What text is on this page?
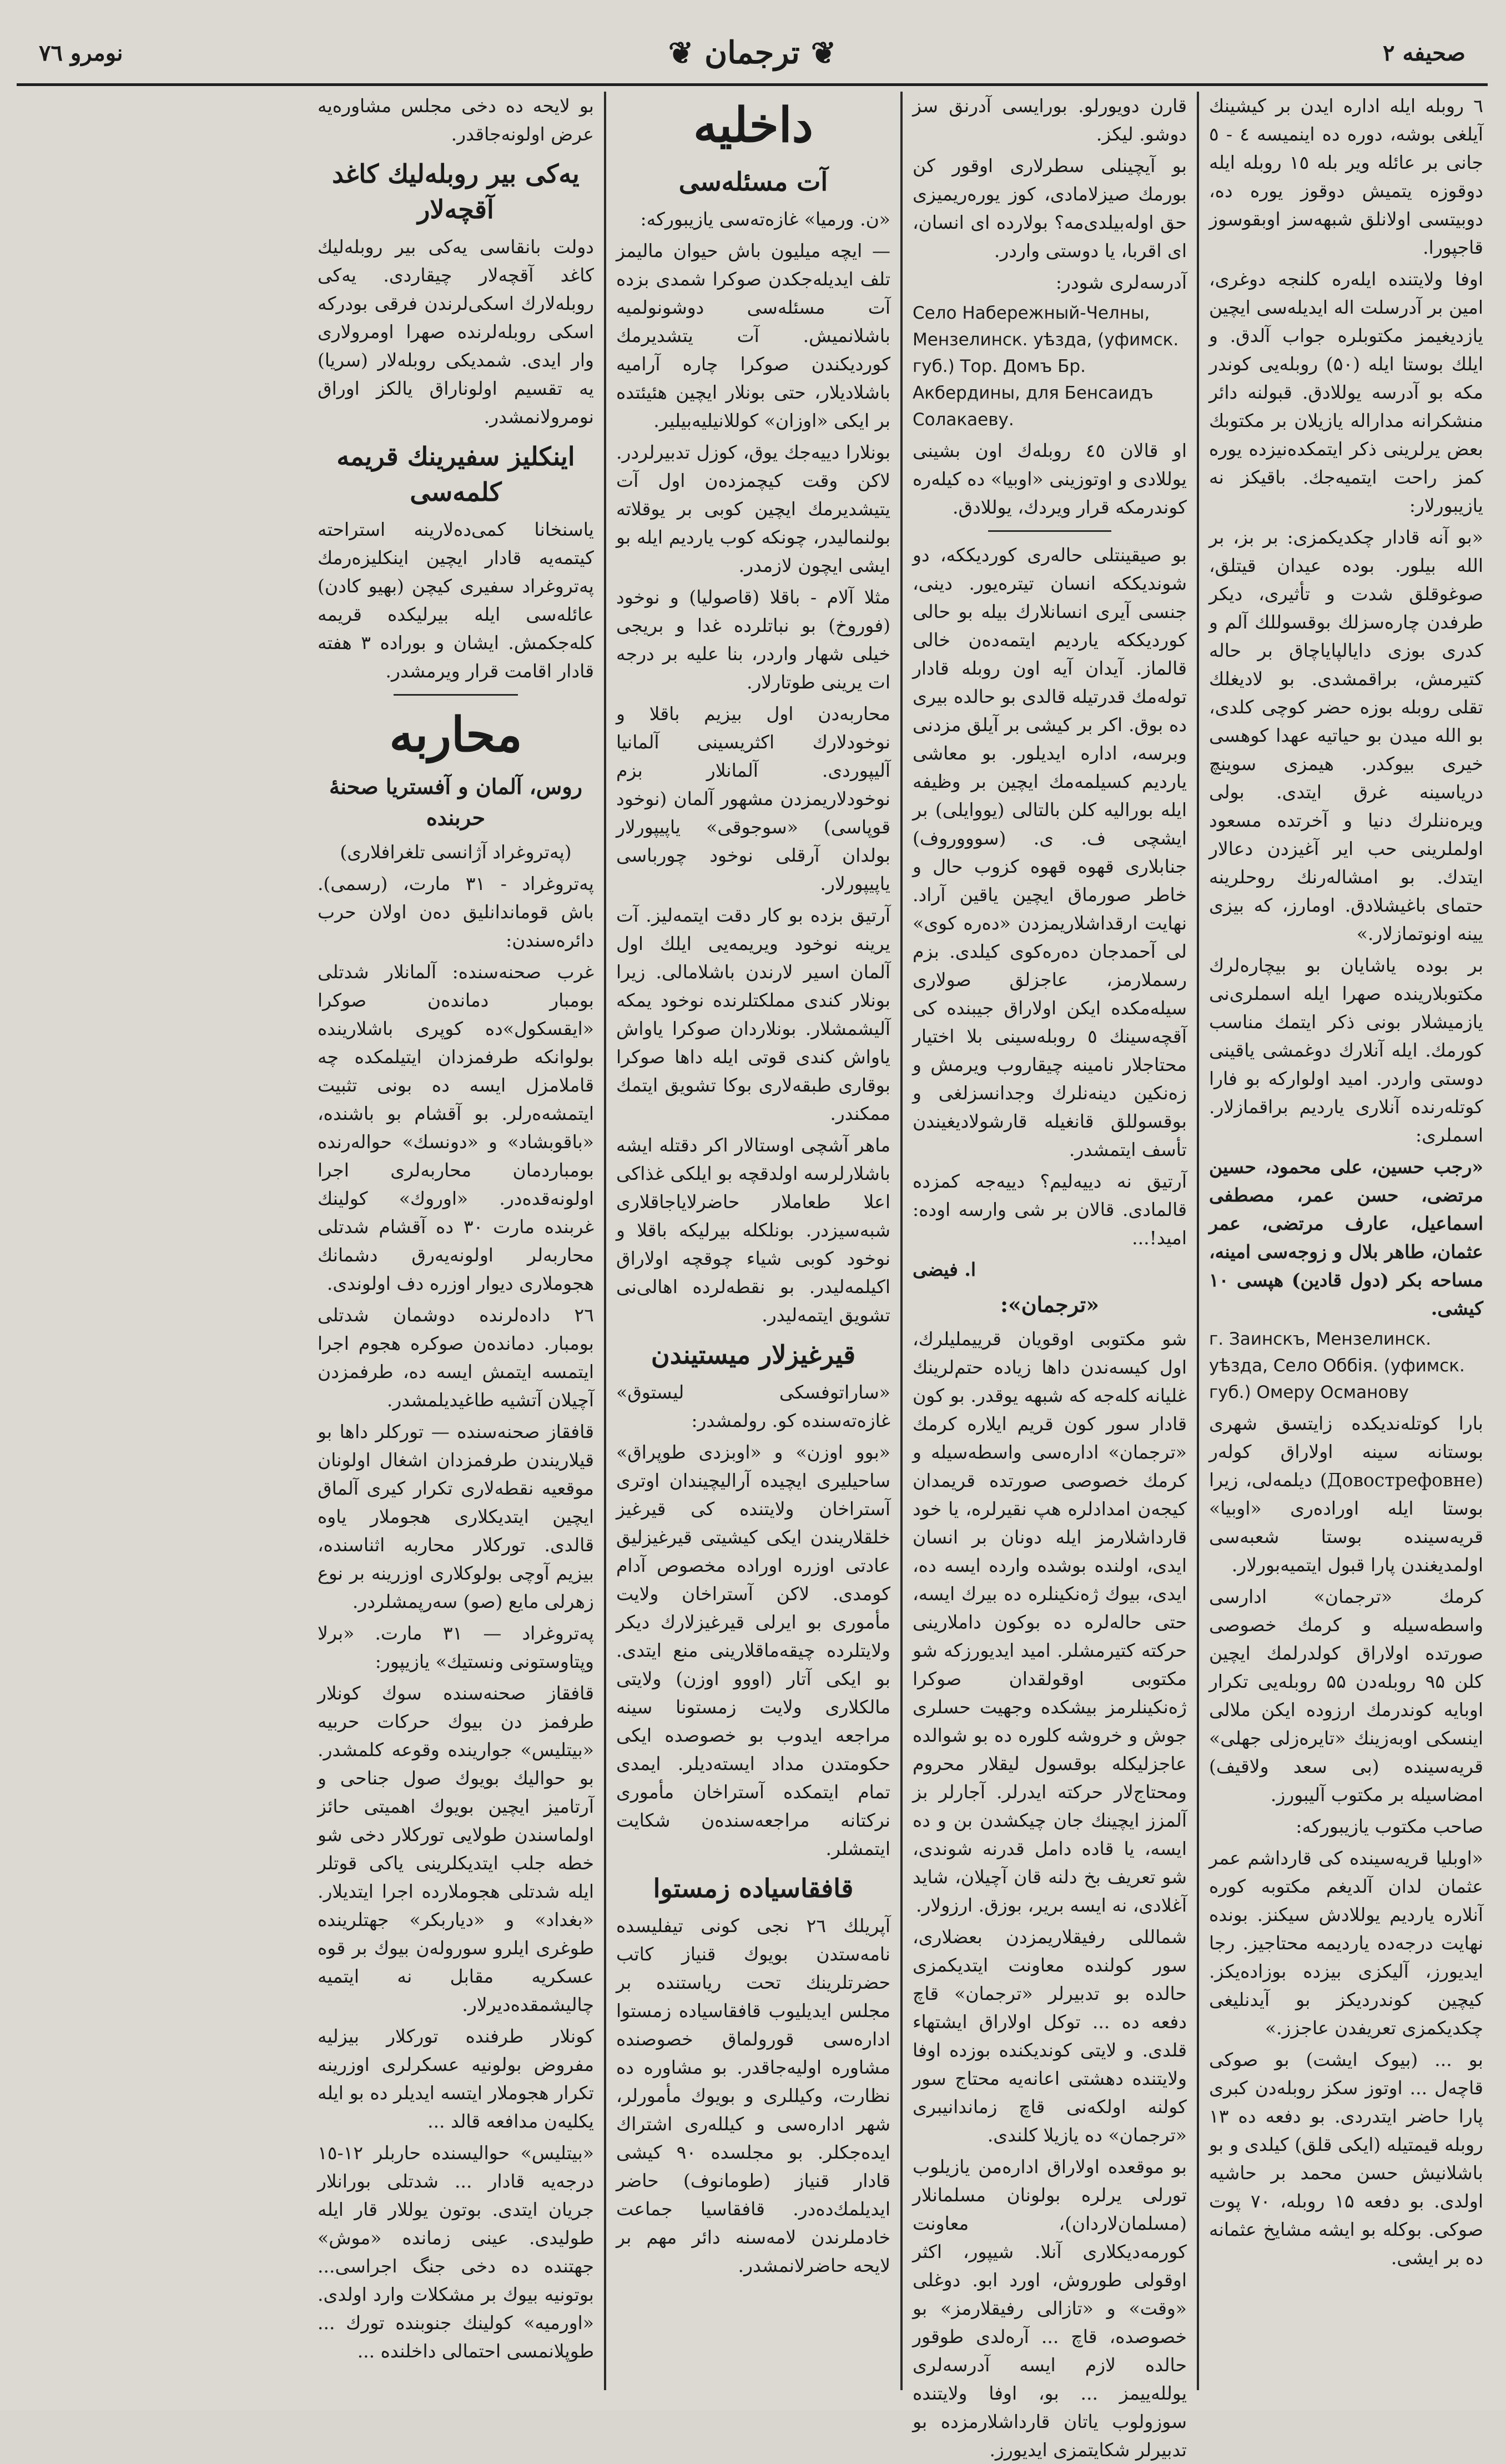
صحيفه ۲
❦ترجمان❦
نومرو ۷٦

٦ روبله ایله اداره ایدن بر کیشینك آیلغی بوشه، دوره ده اینمیسه ٤ - ٥ جانی بر عائله ویر بله ۱٥ روبله ایله دوقوزه یتمیش دوقوز یوره ده، دوبیتسی اولانلق شبهه‌سز اوبقوسوز قاجپورا.

اوفا ولایتنده ایله‌ره کلنجه دوغری، امین بر آدرسلت اله ایدیله‌سی ایچین یازدیغیمز مکتوبلره جواب آلدق. و ایلك بوستا ایله (۵۰) روبله‌یی کوندر مکه بو آدرسه یوللادق. قبولنه دائر منشکرانه مداراله یازیلان بر مکتوبك بعض یرلرینی ذکر ایتمکده‌نیزده یوره کمز راحت ایتمیه‌جك. باقیکز نه یازیبورلار:

«بو آنه قادار چکدیکمزی: بر بز، بر الله بیلور. بوده عیدان قیتلق، صوغوقلق شدت و تأثیری، دیکر طرفدن چاره‌سزلك بوقسوللك آلم و کدری بوزی دایالپایاچاق بر حاله کتیرمش، براقمشدی. بو لادیغلك تقلی روبله بوزه حضر کوچی کلدی، بو الله میدن بو حیاتیه عهدا کوهسی خیری بیوکدر. هیمزی سوینچ دریاسینه غرق ایتدی. بولی ویره‌ننلرك دنیا و آخرتده مسعود اولملرینی حب ایر آغیزدن دعالار ایتدك. بو امشاله‌رنك روحلرینه حتمای باغیشلادق. اومارز، که بیزی یینه اونوتمازلار.»

بر بوده یاشایان بو بیچاره‌لرك مکتوبلارینده صهرا ایله اسملری‌نی یازمیشلار بونی ذکر ایتمك مناسب کورمك. ایله آنلارك دوغمشی یاقینی دوستی واردر. امید اولوارکه بو فارا کوتله‌رنده آنلاری یاردیم براقمازلار. اسملری:

«رجب حسین، علی محمود، حسین مرتضی، حسن عمر، مصطفی اسماعیل، عارف مرتضی، عمر عثمان، طاهر بلال و زوجه‌سی امینه، مساحه بکر (دول قادین) هپسی ۱۰ کیشی.

г. Заинскъ, Мензелинск. уѣзда, Село Оббія. (уфимск. губ.) Омеру Османову

بارا کوتله‌ندیکده زایتسق شهری بوستانه سینه اولاراق کوله‌ر (Довострефовне) دیلمه‌لی، زیرا بوستا ایله اوراده‌ری «اوبیا» قریه‌سینده بوستا شعبه‌سی اولمدیغندن پارا قبول ایتمیه‌بورلار.

کرمك «ترجمان» ادارسی واسطه‌سیله و کرمك خصوصی صورتده اولاراق کولدرلمك ایچین کلن ۹۵ روبله‌دن ۵۵ روبله‌یی تکرار اوبایه کوندرمك ارزوده ایکن ملالی اینسکی اوبه‌زینك «تایره‌زلی جهلی» قریه‌سینده (بی سعد ولاقیف) امضاسیله بر مکتوب آلیبورز.

صاحب مکتوب یازیبورکه:

«اوبلیا قریه‌سینده کی قارداشم عمر عثمان لدان آلدیغم مکتوبه کوره آنلاره یاردیم یوللادش سیکنز. بونده نهایت درجه‌ده یاردیمه محتاجیز. رجا ایدیورز، آلیکزی بیزده بوزاده‌یکز. کیچین کوندردیکز بو آیدنلیغی چکدیکمزی تعریفدن عاجزز.»

بو ... (بیوک ایشت) بو صوکی قاچه‌ل ... اوتوز سکز روبله‌دن کبری پارا حاضر ایتدردی. بو دفعه ده ۱۳ روبله قیمتیله (ایکی قلق) کیلدی و بو باشلانیش حسن محمد بر حاشیه اولدی. بو دفعه ۱۵ روبله، ۷۰ پوت صوکی. بوکله بو ایشه مشایخ عثمانه ده بر ایشی.

قارن دویورلو. بورایسی آدرنق سز دوشو. لیکز.

بو آیچینلی سطرلاری اوقور کن بورمك صیزلامادی، کوز یوره‌ریمیزی حق اوله‌بیلدی‌مه؟ بولارده ای انسان، ای اقربا، یا دوستی واردر.

آدرسه‌لری شودر:

Село Набережный-Челны, Мензелинск. уѣзда, (уфимск. губ.) Тор. Домъ Бр. Акбердины, для Бенсаидъ Солакаеву.

او قالان ٤٥ روبله‌ك اون بشینی یوللادی و اوتوزینی «اوبیا» ده کیله‌ره کوندرمکه قرار ویردك، یوللادق.

بو صیقینتلی حاله‌ری کوردیککه، دو شوندیککه انسان تیتره‌یور. دینی، جنسی آیری انسانلارك بیله بو حالی کوردیککه یاردیم ایتمه‌ده‌ن خالی قالماز. آیدان آیه اون روبله قادار توله‌مك قدرتیله قالدی بو حالده بیری ده بوق. اکر بر کیشی بر آیلق مزدنی وبرسه، اداره ایدیلور. بو معاشی یاردیم کسیلمه‌مك ایچین بر وظیفه ایله بورالیه کلن بالتالی (یووایلی) بر ایشچی ف. ی. (سوووروف) جنابلاری قهوه قهوه کزوب حال و خاطر صورماق ایچین یاقین آراد. نهایت ارقداشلاریمزدن «ده‌ره کوی» لی آحمدجان ده‌ره‌کوی کیلدی. بزم رسملارمز، عاجزلق صولاری سیله‌مکده ایکن اولاراق جیبنده کی آقچه‌سینك ٥ روبله‌سینی بلا اختیار محتاجلار نامینه چیقاروب ویرمش و زه‌نکین دینه‌نلرك وجدانسزلغی و بوقسوللق قانغیله قارشولادیغیندن تأسف ایتمشدر.

آرتیق نه دییه‌لیم؟ دییه‌جه کمزده قالمادی. قالان بر شی وارسه اوده: امید!...

ا. فیضی

«ترجمان»:

شو مکتوبی اوقویان قرییملیلرك، اول کیسه‌ندن داها زیاده حتم‌لرینك غلیانه کله‌جه که شبهه یوقدر. بو کون قادار سور کون قریم ایلاره کرمك «ترجمان» اداره‌سی واسطه‌سیله و کرمك خصوصی صورتده قریمدان کیجه‌ن امدادلره هپ نقیرلره، یا خود قارداشلارمز ایله دونان بر انسان ایدی، اولنده بوشده وارده ایسه ده، ایدی، بیوك ژه‌نکینلره ده بیرك ایسه، حتی حاله‌لره ده بوکون داملارینی حرکته کتیرمشلر. امید ایدیورزکه شو مکتوبی اوقولقدان صوکرا ژه‌نکینلرمز بیشکده وجهیت حسلری جوش و خروشه کلوره ده بو شوالده عاجزلیکله بوقسول لیقلار محروم ومحتاج‌لار حرکته ایدرلر. آجارلر بز آلمزز ایچینك جان چیکشدن بن و ده ایسه، یا قاده دامل قدرنه شوندی، شو تعریف بخ دلنه قان آچیلان، شاید آغلادی، نه ایسه بریر، بوزق. ارزولار.

شماللی رفیقلاریمزدن بعضلاری، سور کولنده معاونت ایتدیکمزی حالده بو تدبیرلر «ترجمان» قاچ دفعه ده ... توکل اولاراق ایشتهاء قلدی. و لایتی کوندیکنده بوزده اوفا ولایتنده دهشتی اعانه‌یه محتاج سور کولنه اولکه‌نی قاچ زماندانیبری «ترجمان» ده یازیلا کلندی.

بو موقعده اولاراق اداره‌من یازیلوب تورلی یرلره بولونان مسلمانلار (مسلمان‌لاردان)، معاونت کورمه‌دیکلاری آنلا. شیپور، اکثر اوقولی طوروش، اورد ابو. دوغلی «وقت» و «تازالی رفیقلارمز» بو خصوصده، قاچ ... آره‌لدی طوقور حالده لازم ایسه آدرسه‌لری یولله‌ییمز ... بو، اوفا ولایتنده سوزولوب یاتان قارداشلارمزده بو تدبیرلر شکایتمزی ایدیورز.

داخلیه
آت مسئله‌سی

«ن. ورمیا» غازه‌ته‌سی یازیبورکه:

— ایچه میلیون باش حیوان مالیمز تلف ایدیله‌جکدن صوکرا شمدی بزده آت مسئله‌سی دوشونولمیه باشلانمیش. آت یتشدیرمك کوردیکندن صوکرا چاره آرامیه باشلادیلار، حتی بونلار ایچین هئیئتده بر ایکی «اوزان» کوللانیلیه‌بیلیر.

بونلارا دییه‌جك یوق، کوزل تدبیرلردر. لاکن وقت کیچمزده‌ن اول آت یتیشدیرمك ایچین کوبی بر یوقلاته بولنمالیدر، چونکه کوب یاردیم ایله بو ایشی ایچون لازمدر.

مثلا آلام - باقلا (قاصولیا) و نوخود (فوروخ) بو نباتلرده غدا و بریجی خیلی شهار واردر، بنا علیه بر درجه ات یرینی طوتارلار.

محاربه‌دن اول بیزیم باقلا و نوخودلارك اکثریسینی آلمانیا آلیپوردی. آلمانلار بزم نوخودلاریمزدن مشهور آلمان (نوخود قوپاسی) «سوجوقی» یاپیپورلار بولدان آرقلی نوخود چوربا‌سی یاپیپورلار.

آرتیق بزده بو کار دقت ایتمه‌لیز. آت یرینه نوخود ویریمه‌یی ایلك اول آلمان اسیر لارندن باشلامالی. زیرا بونلار کندی مملکتلرنده نوخود یمکه آلیشمشلار. بونلاردان صوکرا یاواش یاواش کندی قوتی ایله داها صوکرا بوقاری طبقه‌لاری بوکا تشویق ایتمك ممکندر.

ماهر آشچی اوستالار اکر دقتله ایشه باشلارلرسه اولدقچه بو ایلکی غذاکی اعلا طعاملار حاضرلایاجاقلاری شبه‌سیزدر. بونلکله بیرلیکه باقلا و نوخود کوبی شیاء چوقچه اولاراق اکیلمه‌لیدر. بو نقطه‌لرده اهالی‌نی تشویق ایتمه‌لیدر.

قیرغیزلار میستیندن

«ساراتوفسکی لیستوق» غازه‌ته‌سنده کو. رولمشدر:

«بوو اوزن» و «اوبزدی طوپراق» ساحیلیری ایچیده آرالیچیندان اوتری آستراخان ولایتنده کی قیرغیز خلقلاریندن ایکی کیشیتی قیرغیزلیق عادتی اوزره اوراده مخصوص آدام کومدی. لاکن آستراخان ولایت مأموری بو ایرلی قیرغیزلارك دیکر ولایتلرده چیقه‌ماقلارینی منع ایتدی. بو ایکی آتار (اووو اوزن) ولایتی مالکلاری ولایت زمستونا سینه مراجعه ایدوب بو خصوصده ایکی حکومتدن مداد ایسته‌دیلر. ایمدی تمام ایتمکده آستراخان مأموری نرکتانه مراجعه‌سنده‌ن شکایت ایتمشلر.

قافقاسیاده زمستوا

آپریلك ۲٦ نجی کونی تیفلیسده نامه‌ستدن بویوك قنیاز کاتب حضرتلرینك تحت ریاستنده بر مجلس ایدیلیوب قافقاسیاده زمستوا اداره‌سی قورولماق خصوصنده مشاوره اولیه‌جاقدر. بو مشاوره ده نظارت، وکیللری و بویوك مأمورلر، شهر اداره‌سی و کیلله‌ری اشتراك ایده‌جکلر. بو مجلسده ۹۰ کیشی قادار قنیاز (طومانوف) حاضر ایدیلمك‌ده‌در. قافقاسیا جماعت خادملرندن لامه‌سنه دائر مهم بر لایحه حاضرلانمشدر.

بو لایحه ده دخی مجلس مشاوره‌یه عرض اولونه‌جاقدر.

یه‌کی بیر روبله‌لیك کاغد آقچه‌لار

دولت بانقاسی یه‌کی بیر روبله‌لیك کاغد آقچه‌لار چیقاردی. یه‌کی روبله‌لارك اسکی‌لرندن فرقی بودرکه اسکی روبله‌لرنده صهرا اومرولاری وار ایدی. شمدیکی روبله‌لار (سریا) یه تقسیم اولوناراق یالکز اوراق نومرولانمشدر.

اینکلیز سفیرینك قریمه کلمه‌سی

یاسنخانا کمی‌ده‌لارینه استراحته کیتمه‌یه قادار ایچین اینکلیزه‌رمك په‌تروغراد سفیری کیچن (بهیو کادن) عائله‌سی ایله بیرلیکده قریمه کله‌جکمش. ایشان و بوراده ۳ هفته قادار اقامت قرار ویرمشدر.

محاربه
روس، آلمان و آفستریا صحنهٔ حربنده

(په‌تروغراد آژانسی تلغرافلاری)

په‌تروغراد - ۳۱ مارت، (رسمی). باش قوماندانلیق ده‌ن اولان حرب دائره‌سندن:

غرب صحنه‌سنده: آلمانلار شدتلی بومبار دمانده‌ن صوکرا «ایقسکول»ده کوپری باشلارینده بولوانکه طرفمزدان ایتیلمکده چه قاملامزل ایسه ده بونی تثبیت ایتمشه‌ه‌رلر. بو آقشام بو باشنده، «باقوبشاد» و «دونسك» حواله‌رنده بومبار‌دمان محاربه‌لری اجرا اولونه‌قده‌در. «اوروك» کولینك غربنده مارت ۳۰ ده آقشام شدتلی محاربه‌لر اولونه‌یه‌رق دشمانك هجوملاری دیوار اوزره دف اولوندی.

۲٦ داده‌لرنده دوشمان شدتلی بومبار. دمانده‌ن صوکره هجوم اجرا ایتمسه ایتمش ایسه ده، طرفمزدن آچیلان آتشیه طاغیدیلمشدر.

قافقاز صحنه‌سنده — تورکلر داها بو قیلاریندن طرفمزدان اشغال اولونان موقعیه نقطه‌لاری تکرار کیری آلماق ایچین ایتدیکلاری هجوملار یاوه قالدی. تورکلار محاربه اثناسنده، بیزیم آوچی بولوکلاری اوزرینه بر نوع زهرلی مایع (صو) سه‌رپمشلردر.

په‌تروغراد — ۳۱ مارت. «برلا وپتاوستونی ونستیك» یازیپور:

قافقاز صحنه‌سنده سوك کونلار طرفمز دن بیوك حرکات حربیه «بیتلیس» جوارینده وقوعه کلمشدر. بو حوالیك بویوك صول جناحی و آرتامیز ایچین بویوك اهمیتی حائز اولماسندن طولایی تورکلار دخی شو خطه جلب ایتدیکلرینی یاکی قوتلر ایله شدتلی هجوملارده اجرا ایتدیلار. «بغداد» و «دیاربکر» جهتلرینده طوغری ایلرو سوروله‌ن بیوك بر قوه عسکریه مقابل نه ایتمیه چالیشمقده‌دیرلار.

کونلار طرفنده تورکلار بیزلیه مفروض بولونیه عسکرلری اوزرینه تکرار هجوملار ایتسه ایدیلر ده بو ایله یکلیه‌ن مدافعه قالد ...

«بیتلیس» حوالیسنده حاربلر ۱۲-۱٥ درجه‌یه قادار ... شدتلی بورانلار جریان ایتدی. بوتون یوللار قار ایله طولیدی. عینی زمانده «موش» جهتنده ده دخی جنگ اجراسی... بوتونیه بیوك بر مشکلات وارد اولدی. «اورمیه» کولینك جنوبنده تورك ... طوپلانمسی احتمالی داخلنده ...
